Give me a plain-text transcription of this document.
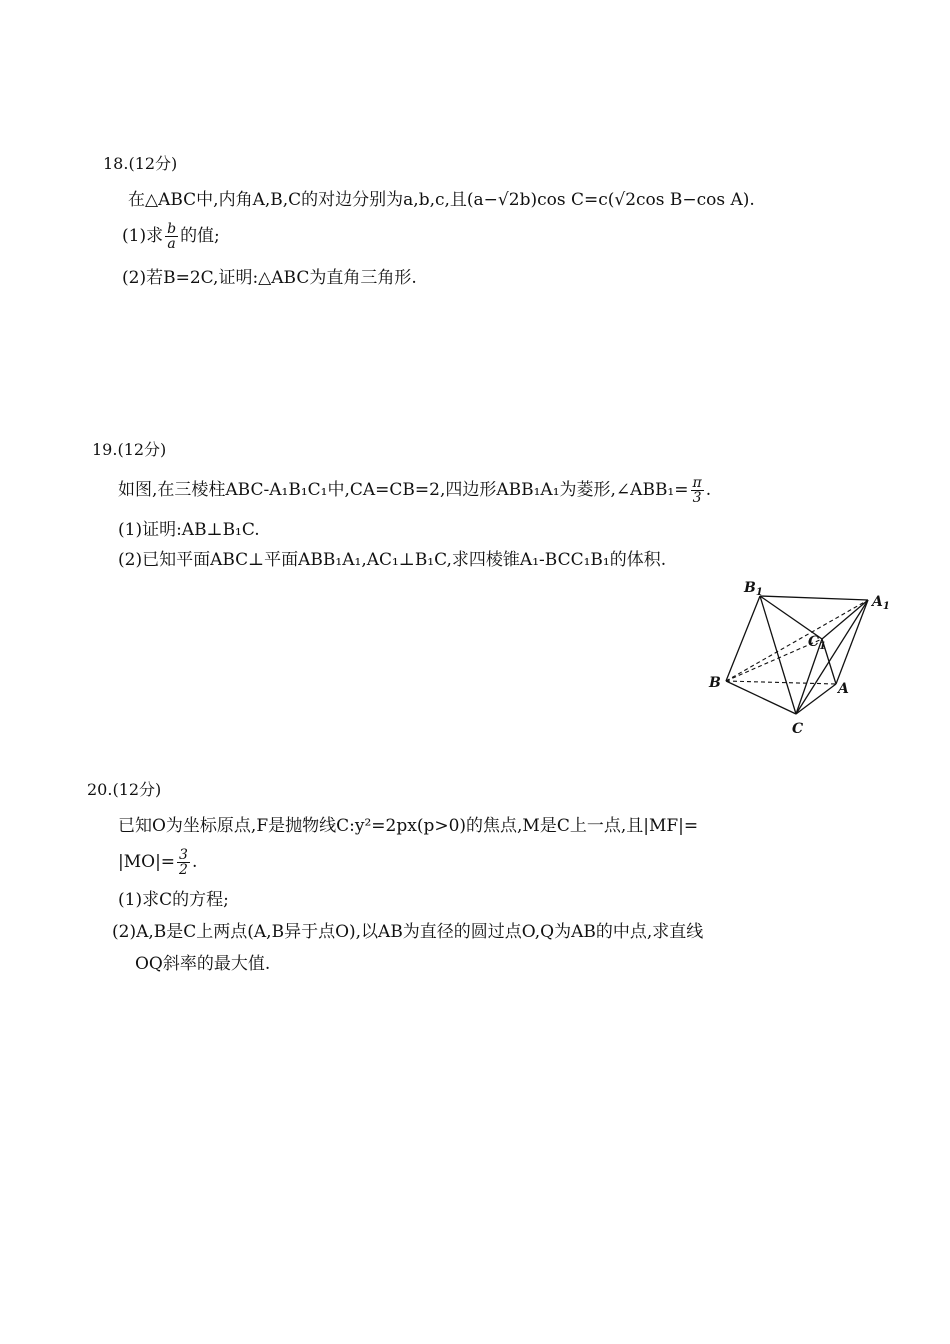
18.(12分)
在△ABC中,内角A,B,C的对边分别为a,b,c,且(a−√2b)cos C=c(√2cos B−cos A).
(1)求 $\frac{b}{a}$ 的值;
(2)若B=2C,证明:△ABC为直角三角形.
19.(12分)
如图,在三棱柱ABC-A₁B₁C₁中,CA=CB=2,四边形ABB₁A₁为菱形,∠ABB₁= $\frac{\pi}{3}$ .
(1)证明:AB⊥B₁C.
(2)已知平面ABC⊥平面ABB₁A₁,AC₁⊥B₁C,求四棱锥A₁-BCC₁B₁的体积.
$B_1$
$A_1$
$C_1$
B	A
C
20.(12分)
已知O为坐标原点,F是抛物线C:y²=2px(p>0)的焦点,M是C上一点,且|MF|=
$|MO|= \frac{3}{2}$ .
(1)求C的方程;
(2)A,B是C上两点(A,B异于点O),以AB为直径的圆过点O,Q为AB的中点,求直线
OQ斜率的最大值.
